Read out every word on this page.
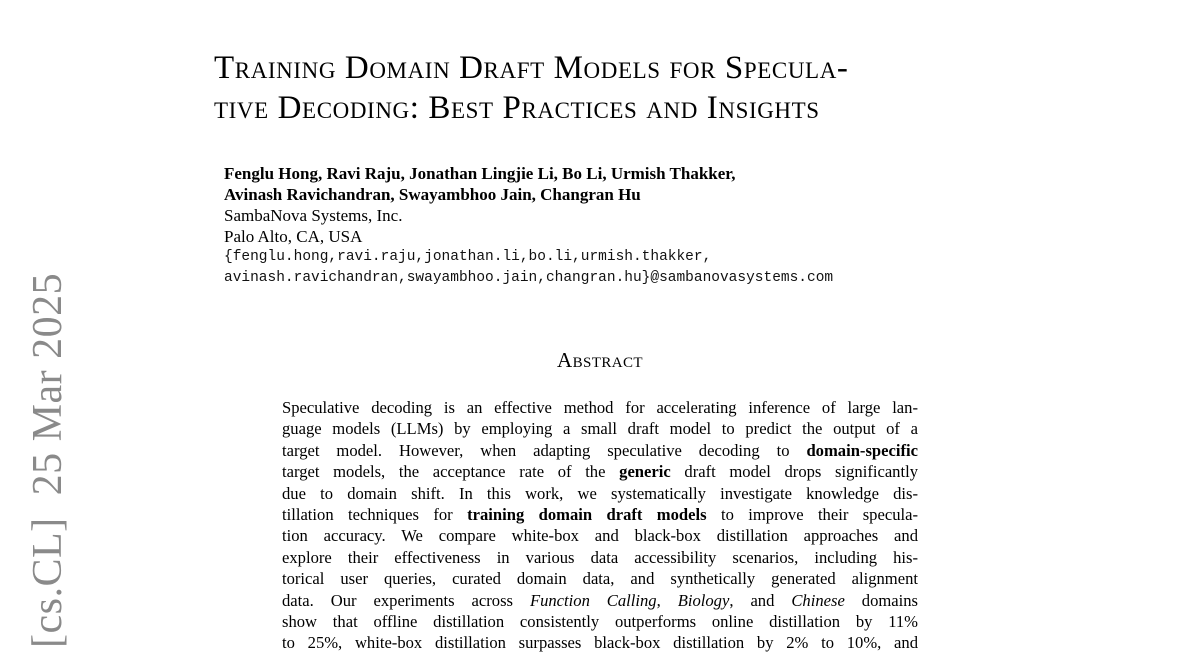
[cs.CL]25 Mar 2025
Training Domain Draft Models for Specula-
tive Decoding: Best Practices and Insights
Fenglu Hong, Ravi Raju, Jonathan Lingjie Li, Bo Li, Urmish Thakker,
Avinash Ravichandran, Swayambhoo Jain, Changran Hu
SambaNova Systems, Inc.
Palo Alto, CA, USA
{fenglu.hong,ravi.raju,jonathan.li,bo.li,urmish.thakker,
avinash.ravichandran,swayambhoo.jain,changran.hu}@sambanovasystems.com
Abstract
Speculative decoding is an effective method for accelerating inference of large lan-
guage models (LLMs) by employing a small draft model to predict the output of a
target model. However, when adapting speculative decoding to domain-specific
target models, the acceptance rate of the generic draft model drops significantly
due to domain shift. In this work, we systematically investigate knowledge dis-
tillation techniques for training domain draft models to improve their specula-
tion accuracy. We compare white-box and black-box distillation approaches and
explore their effectiveness in various data accessibility scenarios, including his-
torical user queries, curated domain data, and synthetically generated alignment
data. Our experiments across Function Calling, Biology, and Chinese domains
show that offline distillation consistently outperforms online distillation by 11%
to 25%, white-box distillation surpasses black-box distillation by 2% to 10%, and
